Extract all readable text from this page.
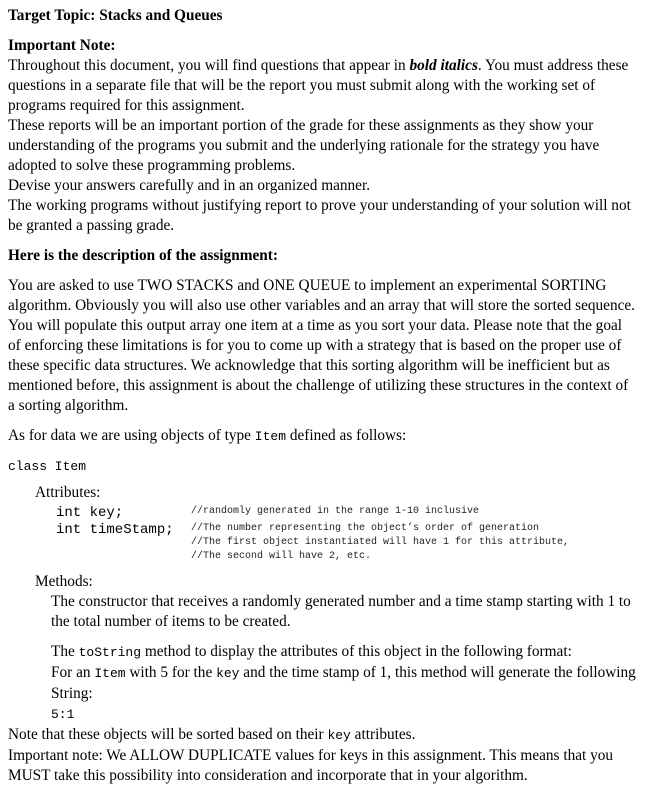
Target Topic: Stacks and Queues

Important Note:

Throughout this document, you will find questions that appear in bold italics. You must address these questions in a separate file that will be the report you must submit along with the working set of programs required for this assignment.

These reports will be an important portion of the grade for these assignments as they show your understanding of the programs you submit and the underlying rationale for the strategy you have adopted to solve these programming problems.

Devise your answers carefully and in an organized manner.

The working programs without justifying report to prove your understanding of your solution will not be granted a passing grade.

Here is the description of the assignment:

You are asked to use TWO STACKS and ONE QUEUE to implement an experimental SORTING algorithm. Obviously you will also use other variables and an array that will store the sorted sequence. You will populate this output array one item at a time as you sort your data. Please note that the goal of enforcing these limitations is for you to come up with a strategy that is based on the proper use of these specific data structures. We acknowledge that this sorting algorithm will be inefficient but as mentioned before, this assignment is about the challenge of utilizing these structures in the context of a sorting algorithm.

As for data we are using objects of type Item defined as follows:

class Item

Attributes:

int key;	//randomly generated in the range 1-10 inclusive
int timeStamp;	//The number representing the object’s order of generation
//The first object instantiated will have 1 for this attribute,
//The second will have 2, etc.

Methods:

The constructor that receives a randomly generated number and a time stamp starting with 1 to the total number of items to be created.

The toString method to display the attributes of this object in the following format:

For an Item with 5 for the key and the time stamp of 1, this method will generate the following String:

5:1

Note that these objects will be sorted based on their key attributes.

Important note: We ALLOW DUPLICATE values for keys in this assignment. This means that you MUST take this possibility into consideration and incorporate that in your algorithm.
